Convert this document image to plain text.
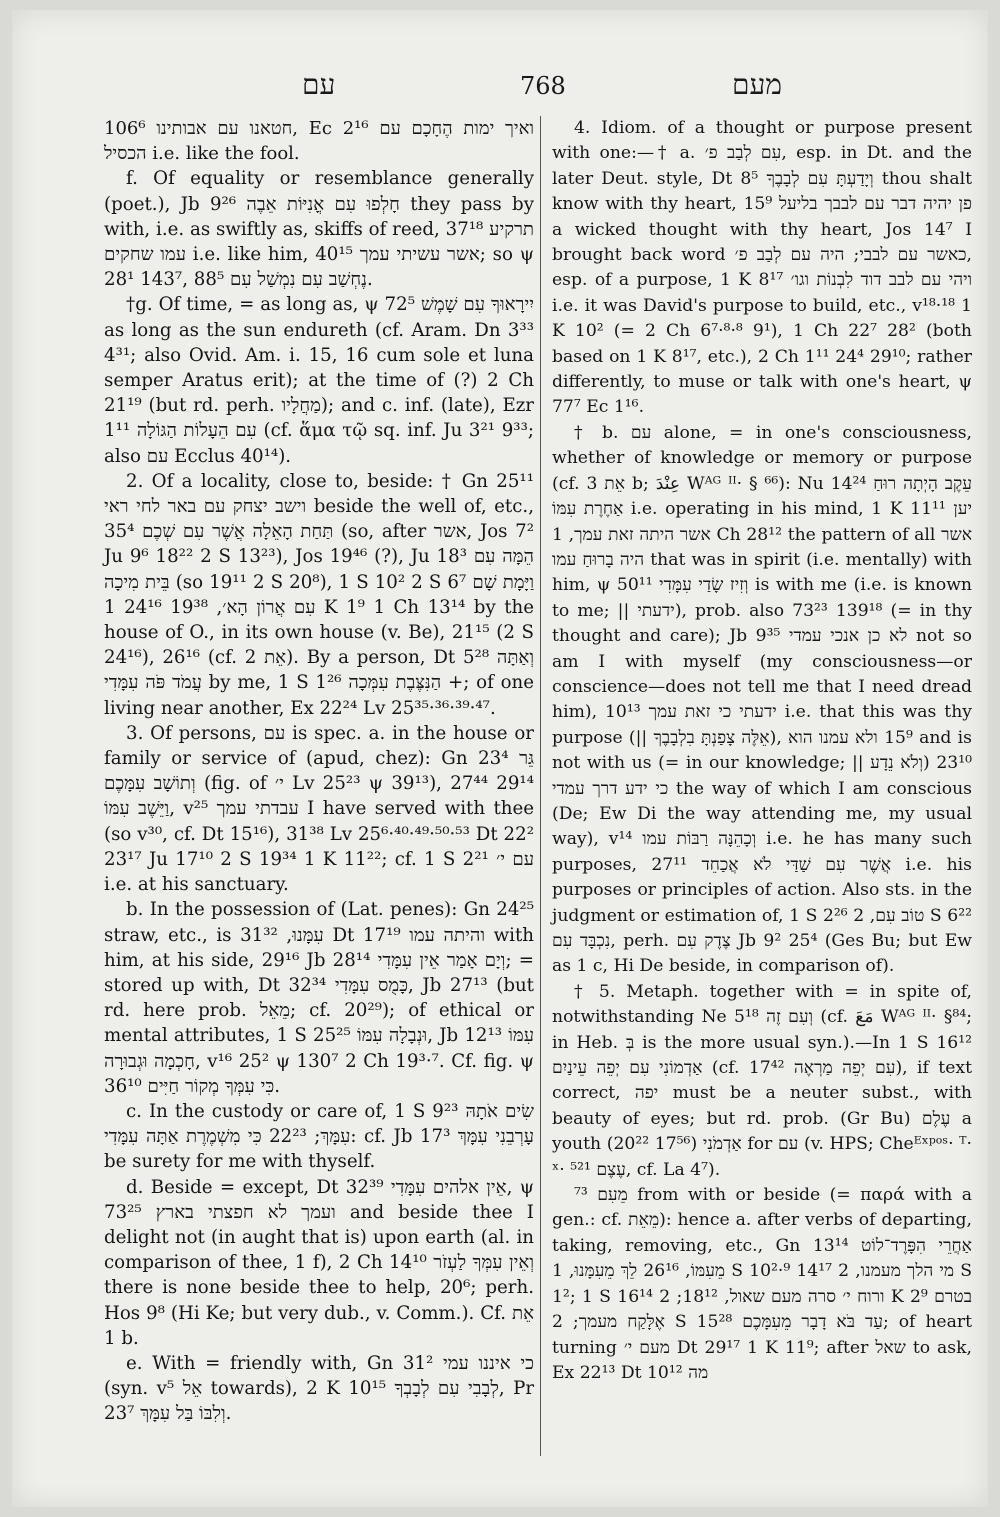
עם	768	מעם

106⁶ חטאנו עם אבותינו, Ec 2¹⁶ ואיך ימות הֶחָכָם עם הכסיל i.e. like the fool.

f. Of equality or resemblance generally (poet.), Jb 9²⁶ חָלְפוּ עִם אֳנִיּוֹת אֵבֶה they pass by with, i.e. as swiftly as, skiffs of reed, 37¹⁸ תרקיע עמו שחקים i.e. like him, 40¹⁵ אשר עשיתי עמך; so ψ 28¹ 143⁷, נֶחְשַׁב עִם נִמְשַׁל עִם 88⁵.

†g. Of time, = as long as, ψ 72⁵ יִירָאוּךָ עִם שָׁמֶשׁ as long as the sun endureth (cf. Aram. Dn 3³³ 4³¹; also Ovid. Am. i. 15, 16 cum sole et luna semper Aratus erit); at the time of (?) 2 Ch 21¹⁹ (but rd. perh. מַחֲלָיו); and c. inf. (late), Ezr 1¹¹ עִם הֵעָלוֹת הַגּוֹלָה (cf. ἅμα τῷ sq. inf. Ju 3²¹ 9³³; also עם Ecclus 40¹⁴).

2. Of a locality, close to, beside: † Gn 25¹¹ וישב יצחק עם באר לחי ראי beside the well of, etc., 35⁴ תַּחַת הָאֵלָה אֲשֶׁר עִם שְׁכֶם (so, after אשר, Jos 7² Ju 9⁶ 18²² 2 S 13²³), Jos 19⁴⁶ (?), Ju 18³ הֵמָּה עִם בֵּית מִיכָה (so 19¹¹ 2 S 20⁸), 1 S 10² 2 S 6⁷ וַיָּמָת שָׁם עִם אֲרוֹן הָא׳, 19³⁸ 24¹⁶ 1 K 1⁹ 1 Ch 13¹⁴ by the house of O., in its own house (v. Be), 21¹⁵ (2 S 24¹⁶), 26¹⁶ (cf. אֵת 2). By a person, Dt 5²⁸ וְאַתָּה עֲמֹד פֹּה עִמָּדִי by me, 1 S 1²⁶ הַנִּצֶּבֶת עִמְּכָה +; of one living near another, Ex 22²⁴ Lv 25³⁵·³⁶·³⁹·⁴⁷.

3. Of persons, עם is spec. a. in the house or family or service of (apud, chez): Gn 23⁴ גֵּר וְתוֹשָׁב עִמָּכֶם (fig. of י׳ Lv 25²³ ψ 39¹³), 27⁴⁴ 29¹⁴ וַיֵּשֶׁב עִמּוֹ, v²⁵ עבדתי עמך I have served with thee (so v³⁰, cf. Dt 15¹⁶), 31³⁸ Lv 25⁶·⁴⁰·⁴⁹·⁵⁰·⁵³ Dt 22² 23¹⁷ Ju 17¹⁰ 2 S 19³⁴ 1 K 11²²; cf. 1 S 2²¹ עם י׳ i.e. at his sanctuary.

b. In the possession of (Lat. penes): Gn 24²⁵ straw, etc., is עִמָּנוּ, 31³² Dt 17¹⁹ והיתה עמו with him, at his side, 29¹⁶ Jb 28¹⁴ וְיָם אָמַר אֵין עִמָּדִי; = stored up with, Dt 32³⁴ כָּמֻס עִמָּדִי, Jb 27¹³ (but rd. here prob. מֵאֵל; cf. 20²⁹); of ethical or mental attributes, 1 S 25²⁵ וּנְבָלָה עִמּוֹ, Jb 12¹³ עִמּוֹ חָכְמָה וּגְבוּרָה, v¹⁶ 25² ψ 130⁷ 2 Ch 19³·⁷. Cf. fig. ψ 36¹⁰ כִּי עִמְּךָ מְקוֹר חַיִּים.

c. In the custody or care of, 1 S 9²³ שִׂים אֹתָהּ עִמָּךְ; 22²³ כִּי מִשְׁמֶרֶת אַתָּה עִמָּדִי: cf. Jb 17³ עָרְבֵנִי עִמָּךְ be surety for me with thyself.

d. Beside = except, Dt 32³⁹ אֵין אלהים עִמָּדִי, ψ 73²⁵ ועמך לא חפצתי בארץ and beside thee I delight not (in aught that is) upon earth (al. in comparison of thee, 1 f), 2 Ch 14¹⁰ וְאֵין עִמְּךָ לַעְזֹר there is none beside thee to help, 20⁶; perh. Hos 9⁸ (Hi Ke; but very dub., v. Comm.). Cf. אֵת 1 b.

e. With = friendly with, Gn 31² כי איננו עמי (syn. v⁵ אֵל towards), 2 K 10¹⁵ לְבָבִי עִם לְבָבְךָ, Pr 23⁷ וְלִבּוֹ בַּל עִמָּךְ.

4. Idiom. of a thought or purpose present with one:—† a. עִם לְבַב פ׳, esp. in Dt. and the later Deut. style, Dt 8⁵ וְיָדַעְתָּ עִם לְבָבֶךָ thou shalt know with thy heart, 15⁹ פן יהיה דבר עם לבבך בליעל a wicked thought with thy heart, Jos 14⁷ I brought back word כאשר עם לבבי; היה עם לְבַב פ׳, esp. of a purpose, 1 K 8¹⁷ ויהי עם לבב דוד לִבְנוֹת וגו׳ i.e. it was David's purpose to build, etc., v¹⁸·¹⁸ 1 K 10² (= 2 Ch 6⁷·⁸·⁸ 9¹), 1 Ch 22⁷ 28² (both based on 1 K 8¹⁷, etc.), 2 Ch 1¹¹ 24⁴ 29¹⁰; rather differently, to muse or talk with one's heart, ψ 77⁷ Ec 1¹⁶.

† b. עם alone, = in one's consciousness, whether of knowledge or memory or purpose (cf. אֵת 3 b; عِنْدَ Wᴬᴳ ᴵᴵ· § ⁶⁶): Nu 14²⁴ עֵקֶב הָיְתָה רוּחַ אַחֶרֶת עִמּוֹ i.e. operating in his mind, 1 K 11¹¹ יען אשר היתה זאת עמך, 1 Ch 28¹² the pattern of all אשר היה בָרוּחַ עמו that was in spirit (i.e. mentally) with him, ψ 50¹¹ וְזִיז שָׂדַי עִמָּדִי is with me (i.e. is known to me; || ידעתי), prob. also 73²³ 139¹⁸ (= in thy thought and care); Jb 9³⁵ לא כן אנכי עמדי not so am I with myself (my consciousness—or conscience—does not tell me that I need dread him), 10¹³ ידעתי כי זאת עמך i.e. that this was thy purpose (|| אֵלֶּה צָפַנְתָּ בִלְבָבֶךָ), 15⁹ ולא עמנו הוא and is not with us (= in our knowledge; || וְלֹא נֵדָע) 23¹⁰ כי ידע דרך עמדי the way of which I am conscious (De; Ew Di the way attending me, my usual way), v¹⁴ וְכָהֵנָּה רַבּוֹת עמו i.e. he has many such purposes, 27¹¹ אֲשֶׁר עִם שַׁדַּי לֹא אֲכַחֵד i.e. his purposes or principles of action. Also sts. in the judgment or estimation of, 1 S 2²⁶ טוֹב עִם, 2 S 6²² נִכְבָּד עִם, perh. צֶדֶק עִם Jb 9² 25⁴ (Ges Bu; but Ew as 1 c, Hi De beside, in comparison of).

† 5. Metaph. together with = in spite of, notwithstanding Ne 5¹⁸ וְעִם זֶה (cf. مَعَ Wᴬᴳ ᴵᴵ· §⁸⁴; in Heb. בְּ is the more usual syn.).—In 1 S 16¹² אַדְמוֹנִי עִם יְפֵה עֵינַיִם (cf. 17⁴² עִם יְפֵה מַרְאֶה), if text correct, יפה must be a neuter subst., with beauty of eyes; but rd. prob. (Gr Bu) עֶלֶם a youth אַדְמֹנִי (17⁵⁶ 20²²) for עם (v. HPS; Cheᴱˣᵖᵒˢ· ᵀ· ˣ· ⁵²¹ עֶצֶם, cf. La 4⁷).

מֵעִם ⁷³ from with or beside (= παρά with a gen.: cf. מֵאֵת): hence a. after verbs of departing, taking, removing, etc., Gn 13¹⁴ אַחֲרֵי הִפָּרֶד־לוֹט מֵעִמּוֹ, 26¹⁶ לֵךְ מֵעִמָּנוּ, 1 S 10²·⁹ 14¹⁷ מי הלך מעמנו, 2 S 1²; 1 S 16¹⁴ ורוח י׳ סרה מעם שאול, 18¹²; 2 K 2⁹ בטרם אֶלָּקַח מעמך; 2 S 15²⁸ עַד בֹּא דָבָר מֵעִמָּכֶם; of heart turning מעם י׳ Dt 29¹⁷ 1 K 11⁹; after שאל to ask, Ex 22¹³ Dt 10¹² מה
